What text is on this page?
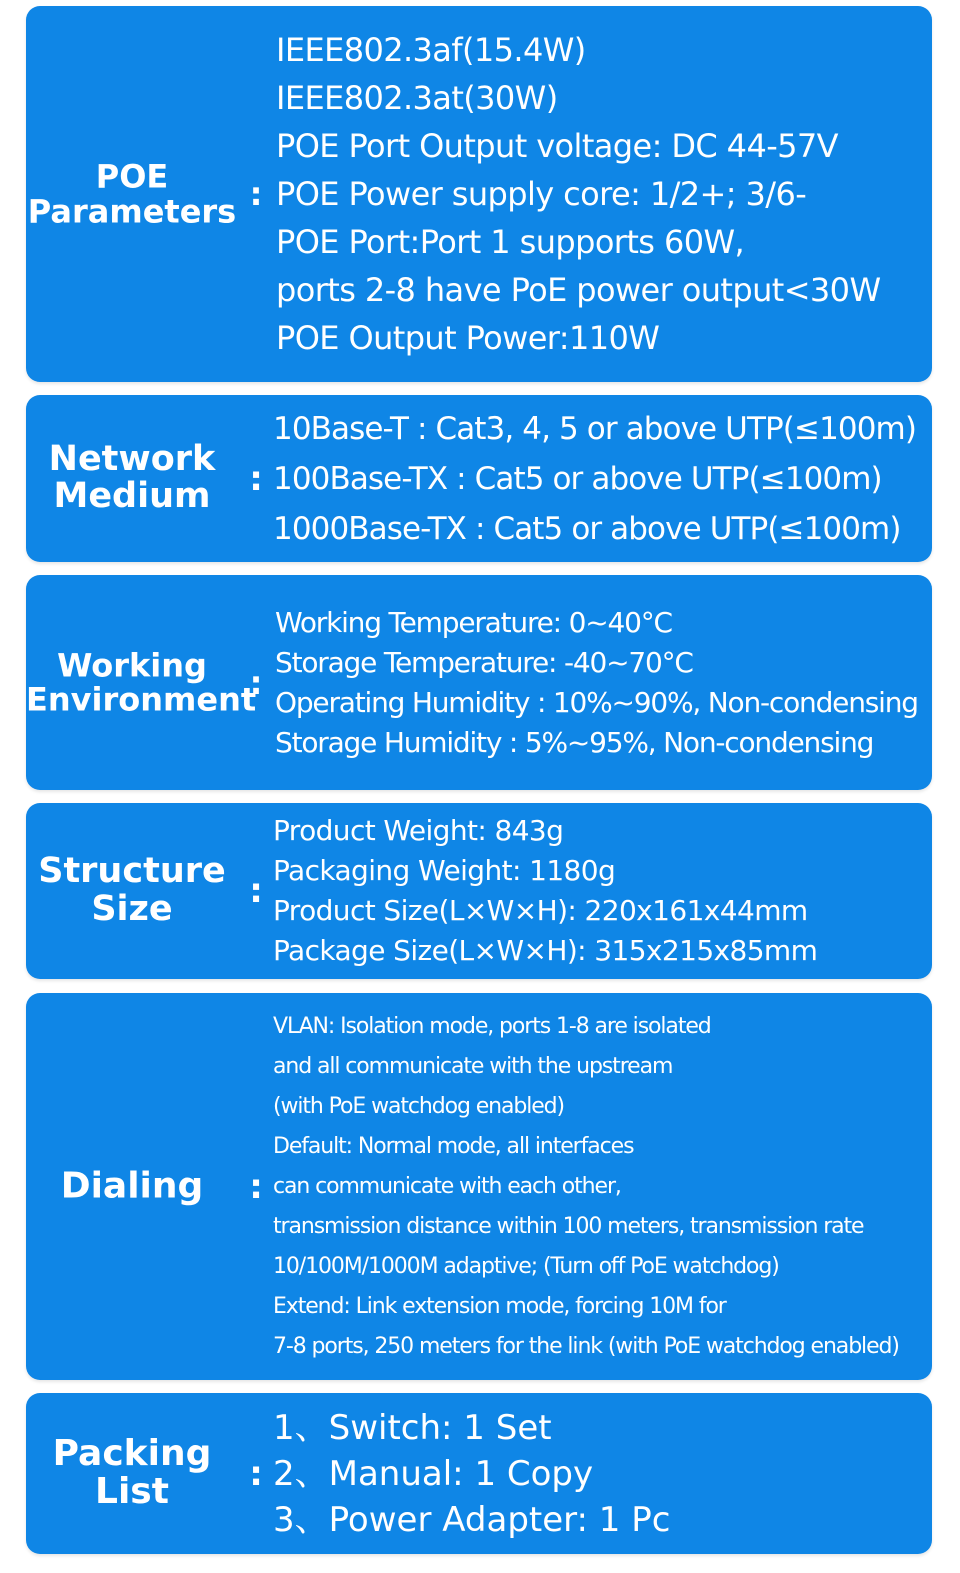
POE
Parameters :
IEEE802.3af(15.4W)
IEEE802.3at(30W)
POE Port Output voltage: DC 44-57V
POE Power supply core: 1/2+; 3/6-
POE Port:Port 1 supports 60W,
ports 2-8 have PoE power output<30W
POE Output Power:110W
Network
Medium	:
10Base-T : Cat3, 4, 5 or above UTP(≤100m)
100Base-TX : Cat5 or above UTP(≤100m)
1000Base-TX : Cat5 or above UTP(≤100m)
Working
Environment
:
Working Temperature: 0~40°C
Storage Temperature: -40~70°C
Operating Humidity : 10%~90%, Non-condensing
Storage Humidity : 5%~95%, Non-condensing
Structure
Size	:
Product Weight: 843g
Packaging Weight: 1180g
Product Size(L×W×H): 220x161x44mm
Package Size(L×W×H): 315x215x85mm
Dialing	:
VLAN: Isolation mode, ports 1-8 are isolated
and all communicate with the upstream
(with PoE watchdog enabled)
Default: Normal mode, all interfaces
can communicate with each other,
transmission distance within 100 meters, transmission rate
10/100M/1000M adaptive; (Turn off PoE watchdog)
Extend: Link extension mode, forcing 10M for
7-8 ports, 250 meters for the link (with PoE watchdog enabled)
Packing
List	:
1、Switch: 1 Set
2、Manual: 1 Copy
3、Power Adapter: 1 Pc
